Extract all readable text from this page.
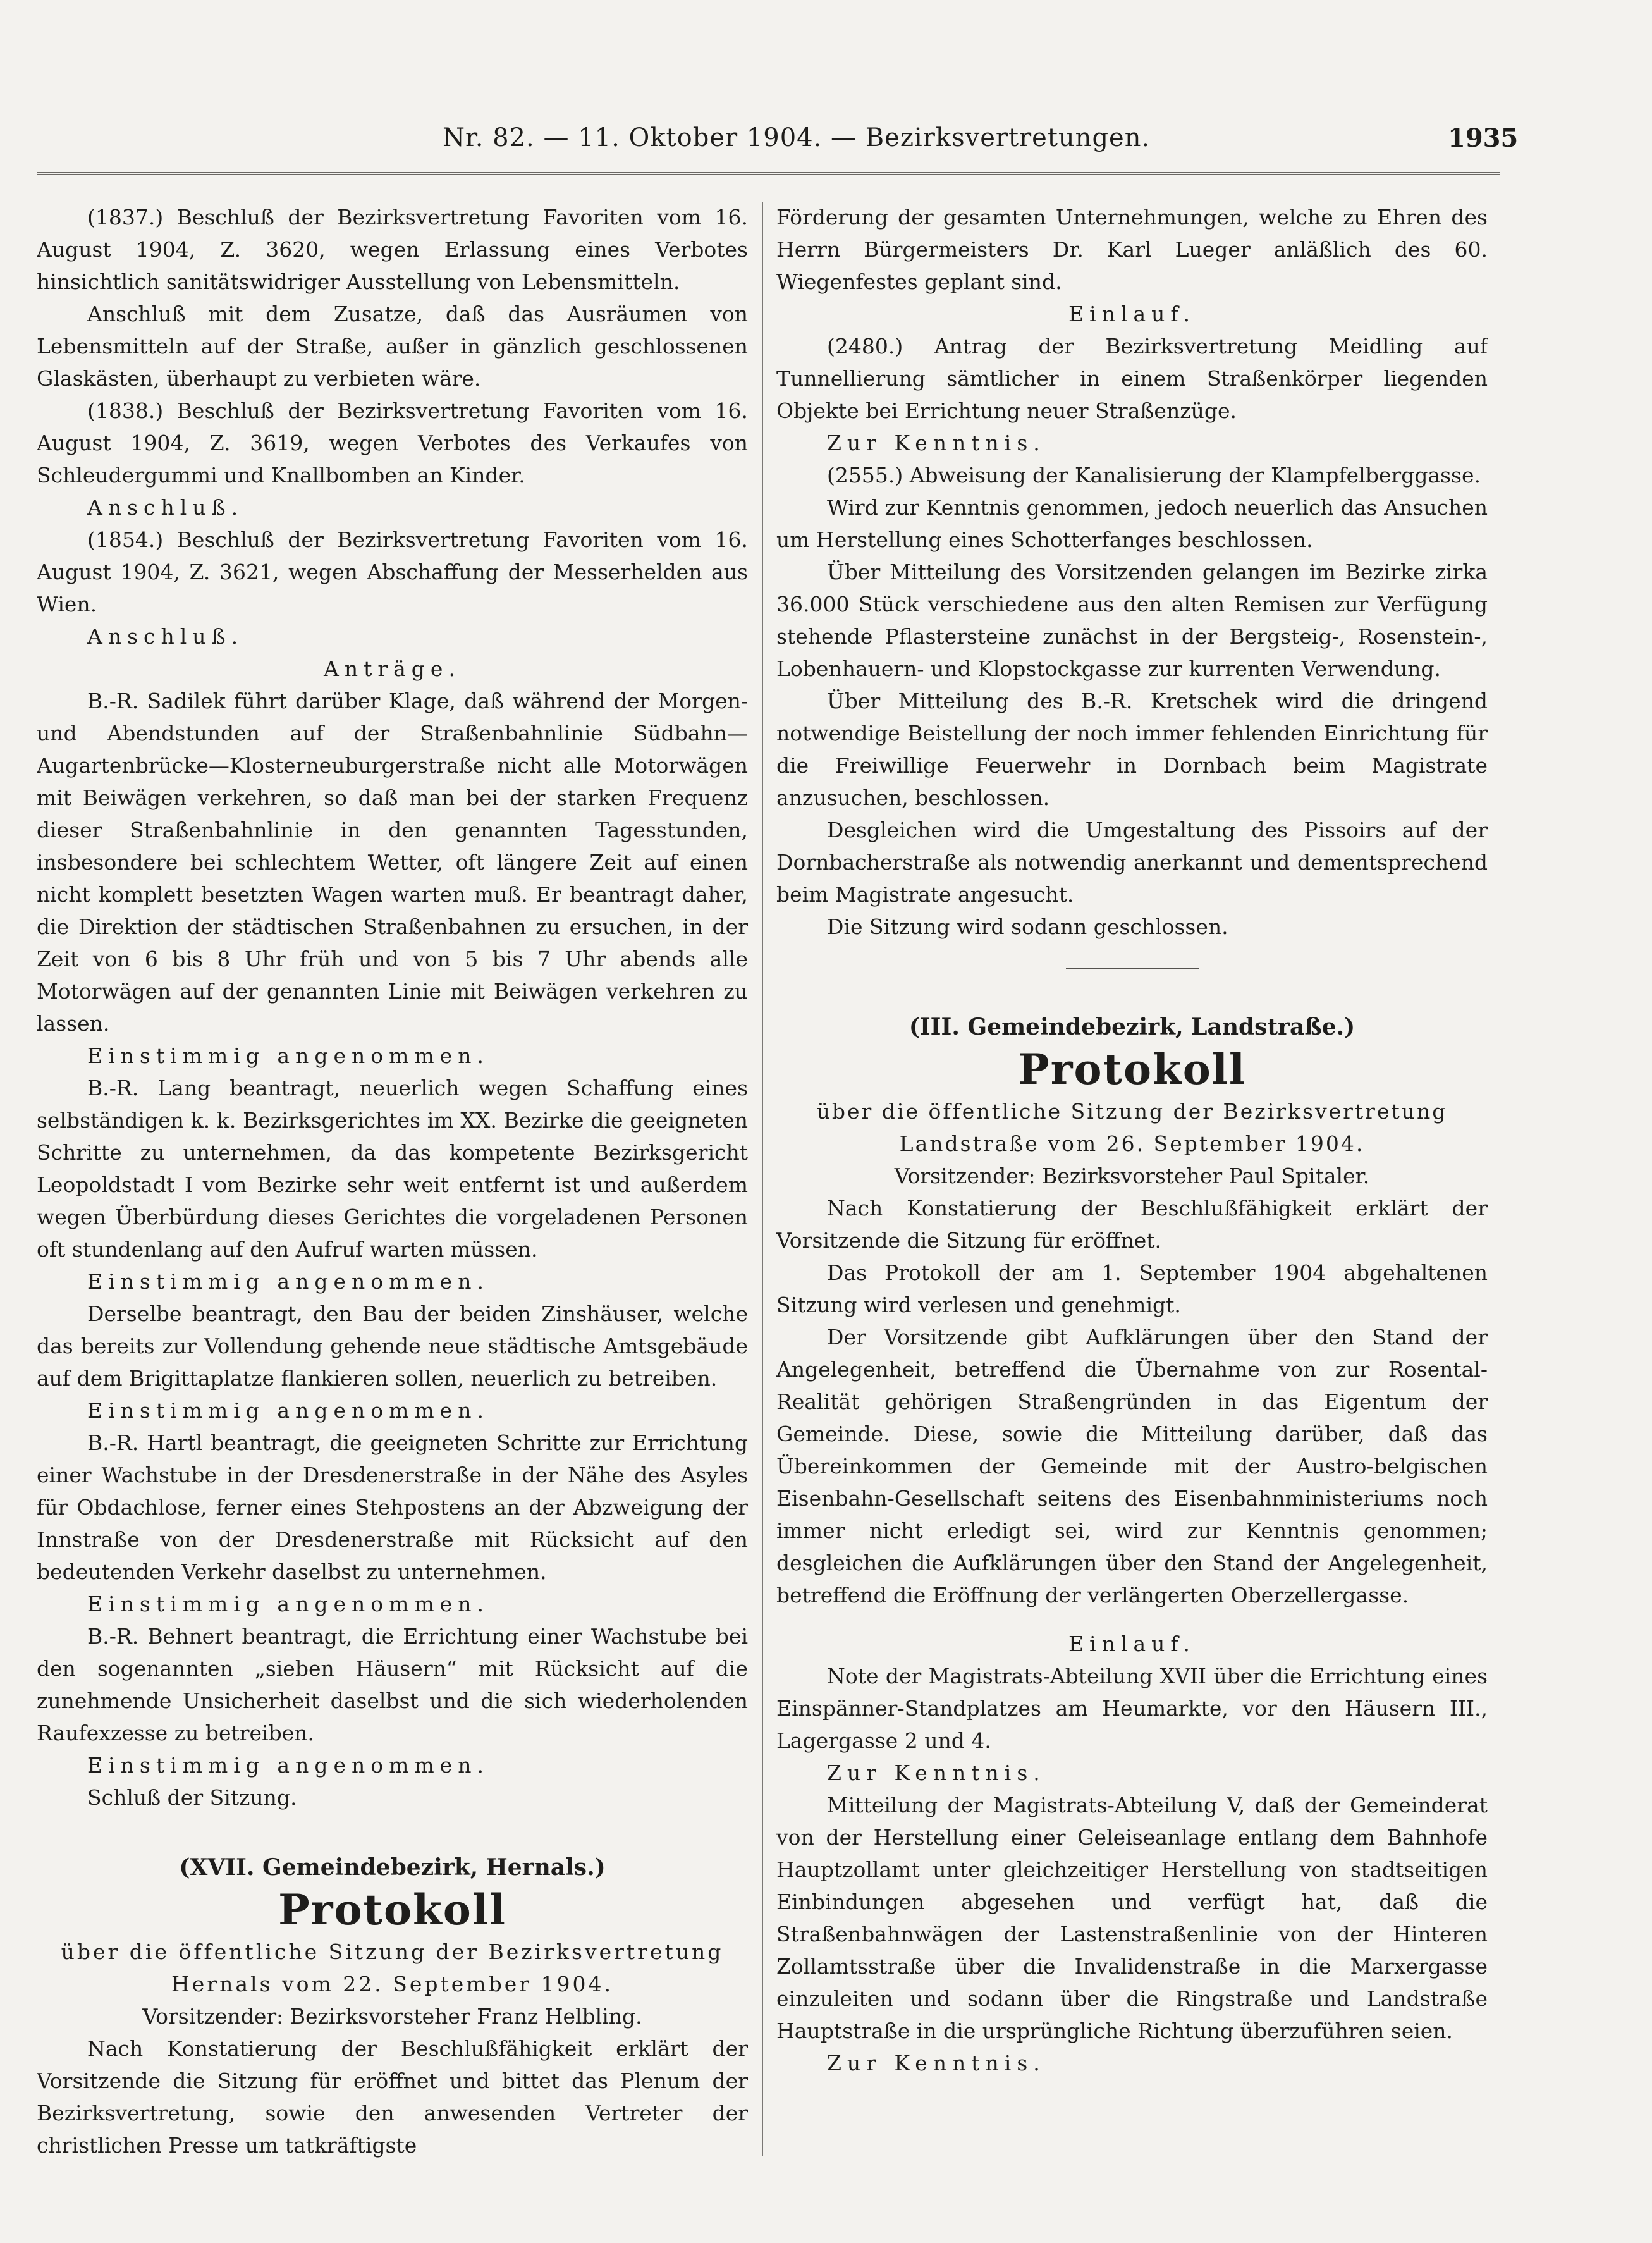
Nr. 82. — 11. Oktober 1904. — Bezirksvertretungen.	1935

(1837.) Beschluß der Bezirksvertretung Favoriten vom 16. August 1904, Z. 3620, wegen Erlassung eines Verbotes hinsichtlich sanitätswidriger Ausstellung von Lebensmitteln.

Anschluß mit dem Zusatze, daß das Ausräumen von Lebensmitteln auf der Straße, außer in gänzlich geschlossenen Glaskästen, überhaupt zu verbieten wäre.

(1838.) Beschluß der Bezirksvertretung Favoriten vom 16. August 1904, Z. 3619, wegen Verbotes des Verkaufes von Schleudergummi und Knallbomben an Kinder.

Anschluß.

(1854.) Beschluß der Bezirksvertretung Favoriten vom 16. August 1904, Z. 3621, wegen Abschaffung der Messerhelden aus Wien.

Anschluß.

Anträge.

B.-R. Sadilek führt darüber Klage, daß während der Morgen- und Abendstunden auf der Straßenbahnlinie Südbahn—Augartenbrücke—Klosterneuburgerstraße nicht alle Motorwägen mit Beiwägen verkehren, so daß man bei der starken Frequenz dieser Straßenbahnlinie in den genannten Tagesstunden, insbesondere bei schlechtem Wetter, oft längere Zeit auf einen nicht komplett besetzten Wagen warten muß. Er beantragt daher, die Direktion der städtischen Straßenbahnen zu ersuchen, in der Zeit von 6 bis 8 Uhr früh und von 5 bis 7 Uhr abends alle Motorwägen auf der genannten Linie mit Beiwägen verkehren zu lassen.

Einstimmig angenommen.

B.-R. Lang beantragt, neuerlich wegen Schaffung eines selbständigen k. k. Bezirksgerichtes im XX. Bezirke die geeigneten Schritte zu unternehmen, da das kompetente Bezirksgericht Leopoldstadt I vom Bezirke sehr weit entfernt ist und außerdem wegen Überbürdung dieses Gerichtes die vorgeladenen Personen oft stundenlang auf den Aufruf warten müssen.

Einstimmig angenommen.

Derselbe beantragt, den Bau der beiden Zinshäuser, welche das bereits zur Vollendung gehende neue städtische Amtsgebäude auf dem Brigittaplatze flankieren sollen, neuerlich zu betreiben.

Einstimmig angenommen.

B.-R. Hartl beantragt, die geeigneten Schritte zur Errichtung einer Wachstube in der Dresdenerstraße in der Nähe des Asyles für Obdachlose, ferner eines Stehpostens an der Abzweigung der Innstraße von der Dresdenerstraße mit Rücksicht auf den bedeutenden Verkehr daselbst zu unternehmen.

Einstimmig angenommen.

B.-R. Behnert beantragt, die Errichtung einer Wachstube bei den sogenannten „sieben Häusern“ mit Rücksicht auf die zunehmende Unsicherheit daselbst und die sich wiederholenden Raufexzesse zu betreiben.

Einstimmig angenommen.

Schluß der Sitzung.

(XVII. Gemeindebezirk, Hernals.)

Protokoll

über die öffentliche Sitzung der Bezirksvertretung Hernals vom 22. September 1904.

Vorsitzender: Bezirksvorsteher Franz Helbling.

Nach Konstatierung der Beschlußfähigkeit erklärt der Vorsitzende die Sitzung für eröffnet und bittet das Plenum der Bezirksvertretung, sowie den anwesenden Vertreter der christlichen Presse um tatkräftigste

Förderung der gesamten Unternehmungen, welche zu Ehren des Herrn Bürgermeisters Dr. Karl Lueger anläßlich des 60. Wiegenfestes geplant sind.

Einlauf.

(2480.) Antrag der Bezirksvertretung Meidling auf Tunnellierung sämtlicher in einem Straßenkörper liegenden Objekte bei Errichtung neuer Straßenzüge.

Zur Kenntnis.

(2555.) Abweisung der Kanalisierung der Klampfelberggasse.

Wird zur Kenntnis genommen, jedoch neuerlich das Ansuchen um Herstellung eines Schotterfanges beschlossen.

Über Mitteilung des Vorsitzenden gelangen im Bezirke zirka 36.000 Stück verschiedene aus den alten Remisen zur Verfügung stehende Pflastersteine zunächst in der Bergsteig-, Rosenstein-, Lobenhauern- und Klopstockgasse zur kurrenten Verwendung.

Über Mitteilung des B.-R. Kretschek wird die dringend notwendige Beistellung der noch immer fehlenden Einrichtung für die Freiwillige Feuerwehr in Dornbach beim Magistrate anzusuchen, beschlossen.

Desgleichen wird die Umgestaltung des Pissoirs auf der Dornbacherstraße als notwendig anerkannt und dementsprechend beim Magistrate angesucht.

Die Sitzung wird sodann geschlossen.

(III. Gemeindebezirk, Landstraße.)

Protokoll

über die öffentliche Sitzung der Bezirksvertretung Landstraße vom 26. September 1904.

Vorsitzender: Bezirksvorsteher Paul Spitaler.

Nach Konstatierung der Beschlußfähigkeit erklärt der Vorsitzende die Sitzung für eröffnet.

Das Protokoll der am 1. September 1904 abgehaltenen Sitzung wird verlesen und genehmigt.

Der Vorsitzende gibt Aufklärungen über den Stand der Angelegenheit, betreffend die Übernahme von zur Rosental-Realität gehörigen Straßengründen in das Eigentum der Gemeinde. Diese, sowie die Mitteilung darüber, daß das Übereinkommen der Gemeinde mit der Austro-belgischen Eisenbahn-Gesellschaft seitens des Eisenbahnministeriums noch immer nicht erledigt sei, wird zur Kenntnis genommen; desgleichen die Aufklärungen über den Stand der Angelegenheit, betreffend die Eröffnung der verlängerten Oberzellergasse.

Einlauf.

Note der Magistrats-Abteilung XVII über die Errichtung eines Einspänner-Standplatzes am Heumarkte, vor den Häusern III., Lagergasse 2 und 4.

Zur Kenntnis.

Mitteilung der Magistrats-Abteilung V, daß der Gemeinderat von der Herstellung einer Geleiseanlage entlang dem Bahnhofe Hauptzollamt unter gleichzeitiger Herstellung von stadtseitigen Einbindungen abgesehen und verfügt hat, daß die Straßenbahnwägen der Lastenstraßenlinie von der Hinteren Zollamtsstraße über die Invalidenstraße in die Marxergasse einzuleiten und sodann über die Ringstraße und Landstraße Hauptstraße in die ursprüngliche Richtung überzuführen seien.

Zur Kenntnis.
